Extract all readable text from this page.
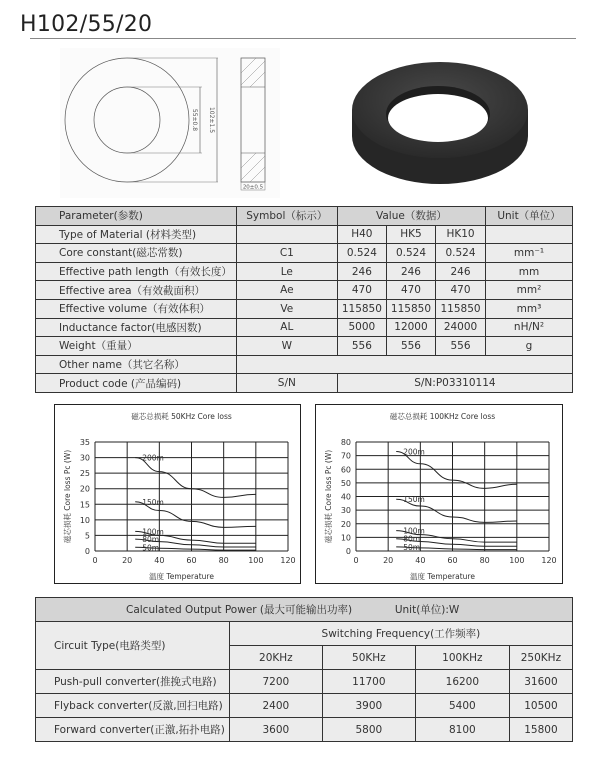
H102/55/20
55±0.8 102±1.5
20±0.5
Parameter(参数)	Symbol（标示）	Value（数据）			Unit（单位）
Type of Material (材料类型)		H40	HK5	HK10	
Core constant(磁芯常数)	C1	0.524	0.524	0.524	mm⁻¹
Effective path length（有效长度）	Le	246	246	246	mm
Effective area（有效截面积）	Ae	470	470	470	mm²
Effective volume（有效体积）	Ve	115850	115850	115850	mm³
Inductance factor(电感因数)	AL	5000	12000	24000	nH/N²
Weight（重量）	W	556	556	556	g
Other name（其它名称）					
Product code (产品编码)	S/N	S/N:P03310114			
磁芯总损耗 50KHz Core loss
0
5
10
15
20
25
30
35
0	20	40	60	80 100 120
温度 Temperature
磁芯损耗 Core loss Pc (W)	200m
150m
100m
80m
50m
磁芯总损耗 100KHz Core loss
0
10
20
30
40
50
60
70
80
0	20	40	60	80 100 120
温度 Temperature
磁芯损耗 Core loss Pc (W)	200m
150m
100m
80m
50m
Calculated Output Power (最大可能输出功率) Unit(单位):W				
Circuit Type(电路类型)	Switching Frequency(工作频率)			
	20KHz	50KHz	100KHz	250KHz
Push-pull converter(推挽式电路)	7200	11700	16200	31600
Flyback converter(反激,回扫电路)	2400	3900	5400	10500
Forward converter(正激,拓扑电路)	3600	5800	8100	15800
